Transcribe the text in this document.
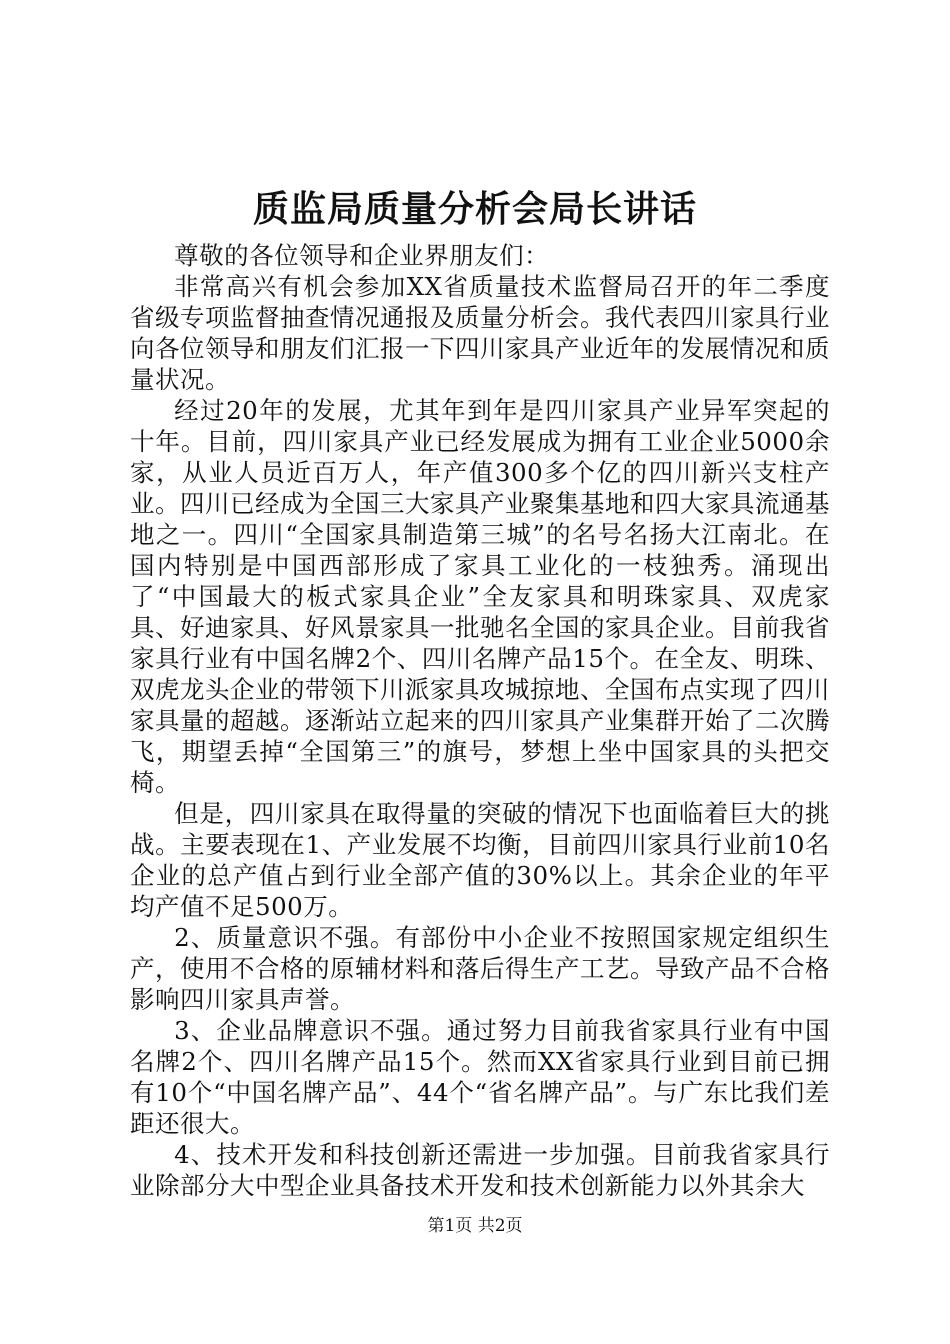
质监局质量分析会局长讲话

尊敬的各位领导和企业界朋友们：

非常高兴有机会参加XX省质量技术监督局召开的年二季度省级专项监督抽查情况通报及质量分析会。我代表四川家具行业向各位领导和朋友们汇报一下四川家具产业近年的发展情况和质量状况。

经过20年的发展，尤其年到年是四川家具产业异军突起的十年。目前，四川家具产业已经发展成为拥有工业企业5000余家，从业人员近百万人，年产值300多个亿的四川新兴支柱产业。四川已经成为全国三大家具产业聚集基地和四大家具流通基地之一。四川“全国家具制造第三城”的名号名扬大江南北。在国内特别是中国西部形成了家具工业化的一枝独秀。涌现出了“中国最大的板式家具企业”全友家具和明珠家具、双虎家具、好迪家具、好风景家具一批驰名全国的家具企业。目前我省家具行业有中国名牌2个、四川名牌产品15个。在全友、明珠、双虎龙头企业的带领下川派家具攻城掠地、全国布点实现了四川家具量的超越。逐渐站立起来的四川家具产业集群开始了二次腾飞，期望丢掉“全国第三”的旗号，梦想上坐中国家具的头把交椅。

但是，四川家具在取得量的突破的情况下也面临着巨大的挑战。主要表现在1、产业发展不均衡，目前四川家具行业前10名企业的总产值占到行业全部产值的30%以上。其余企业的年平均产值不足500万。

2、质量意识不强。有部份中小企业不按照国家规定组织生产，使用不合格的原辅材料和落后得生产工艺。导致产品不合格影响四川家具声誉。

3、企业品牌意识不强。通过努力目前我省家具行业有中国名牌2个、四川名牌产品15个。然而XX省家具行业到目前已拥有10个“中国名牌产品”、44个“省名牌产品”。与广东比我们差距还很大。

4、技术开发和科技创新还需进一步加强。目前我省家具行业除部分大中型企业具备技术开发和技术创新能力以外其余大

第1页 共2页
